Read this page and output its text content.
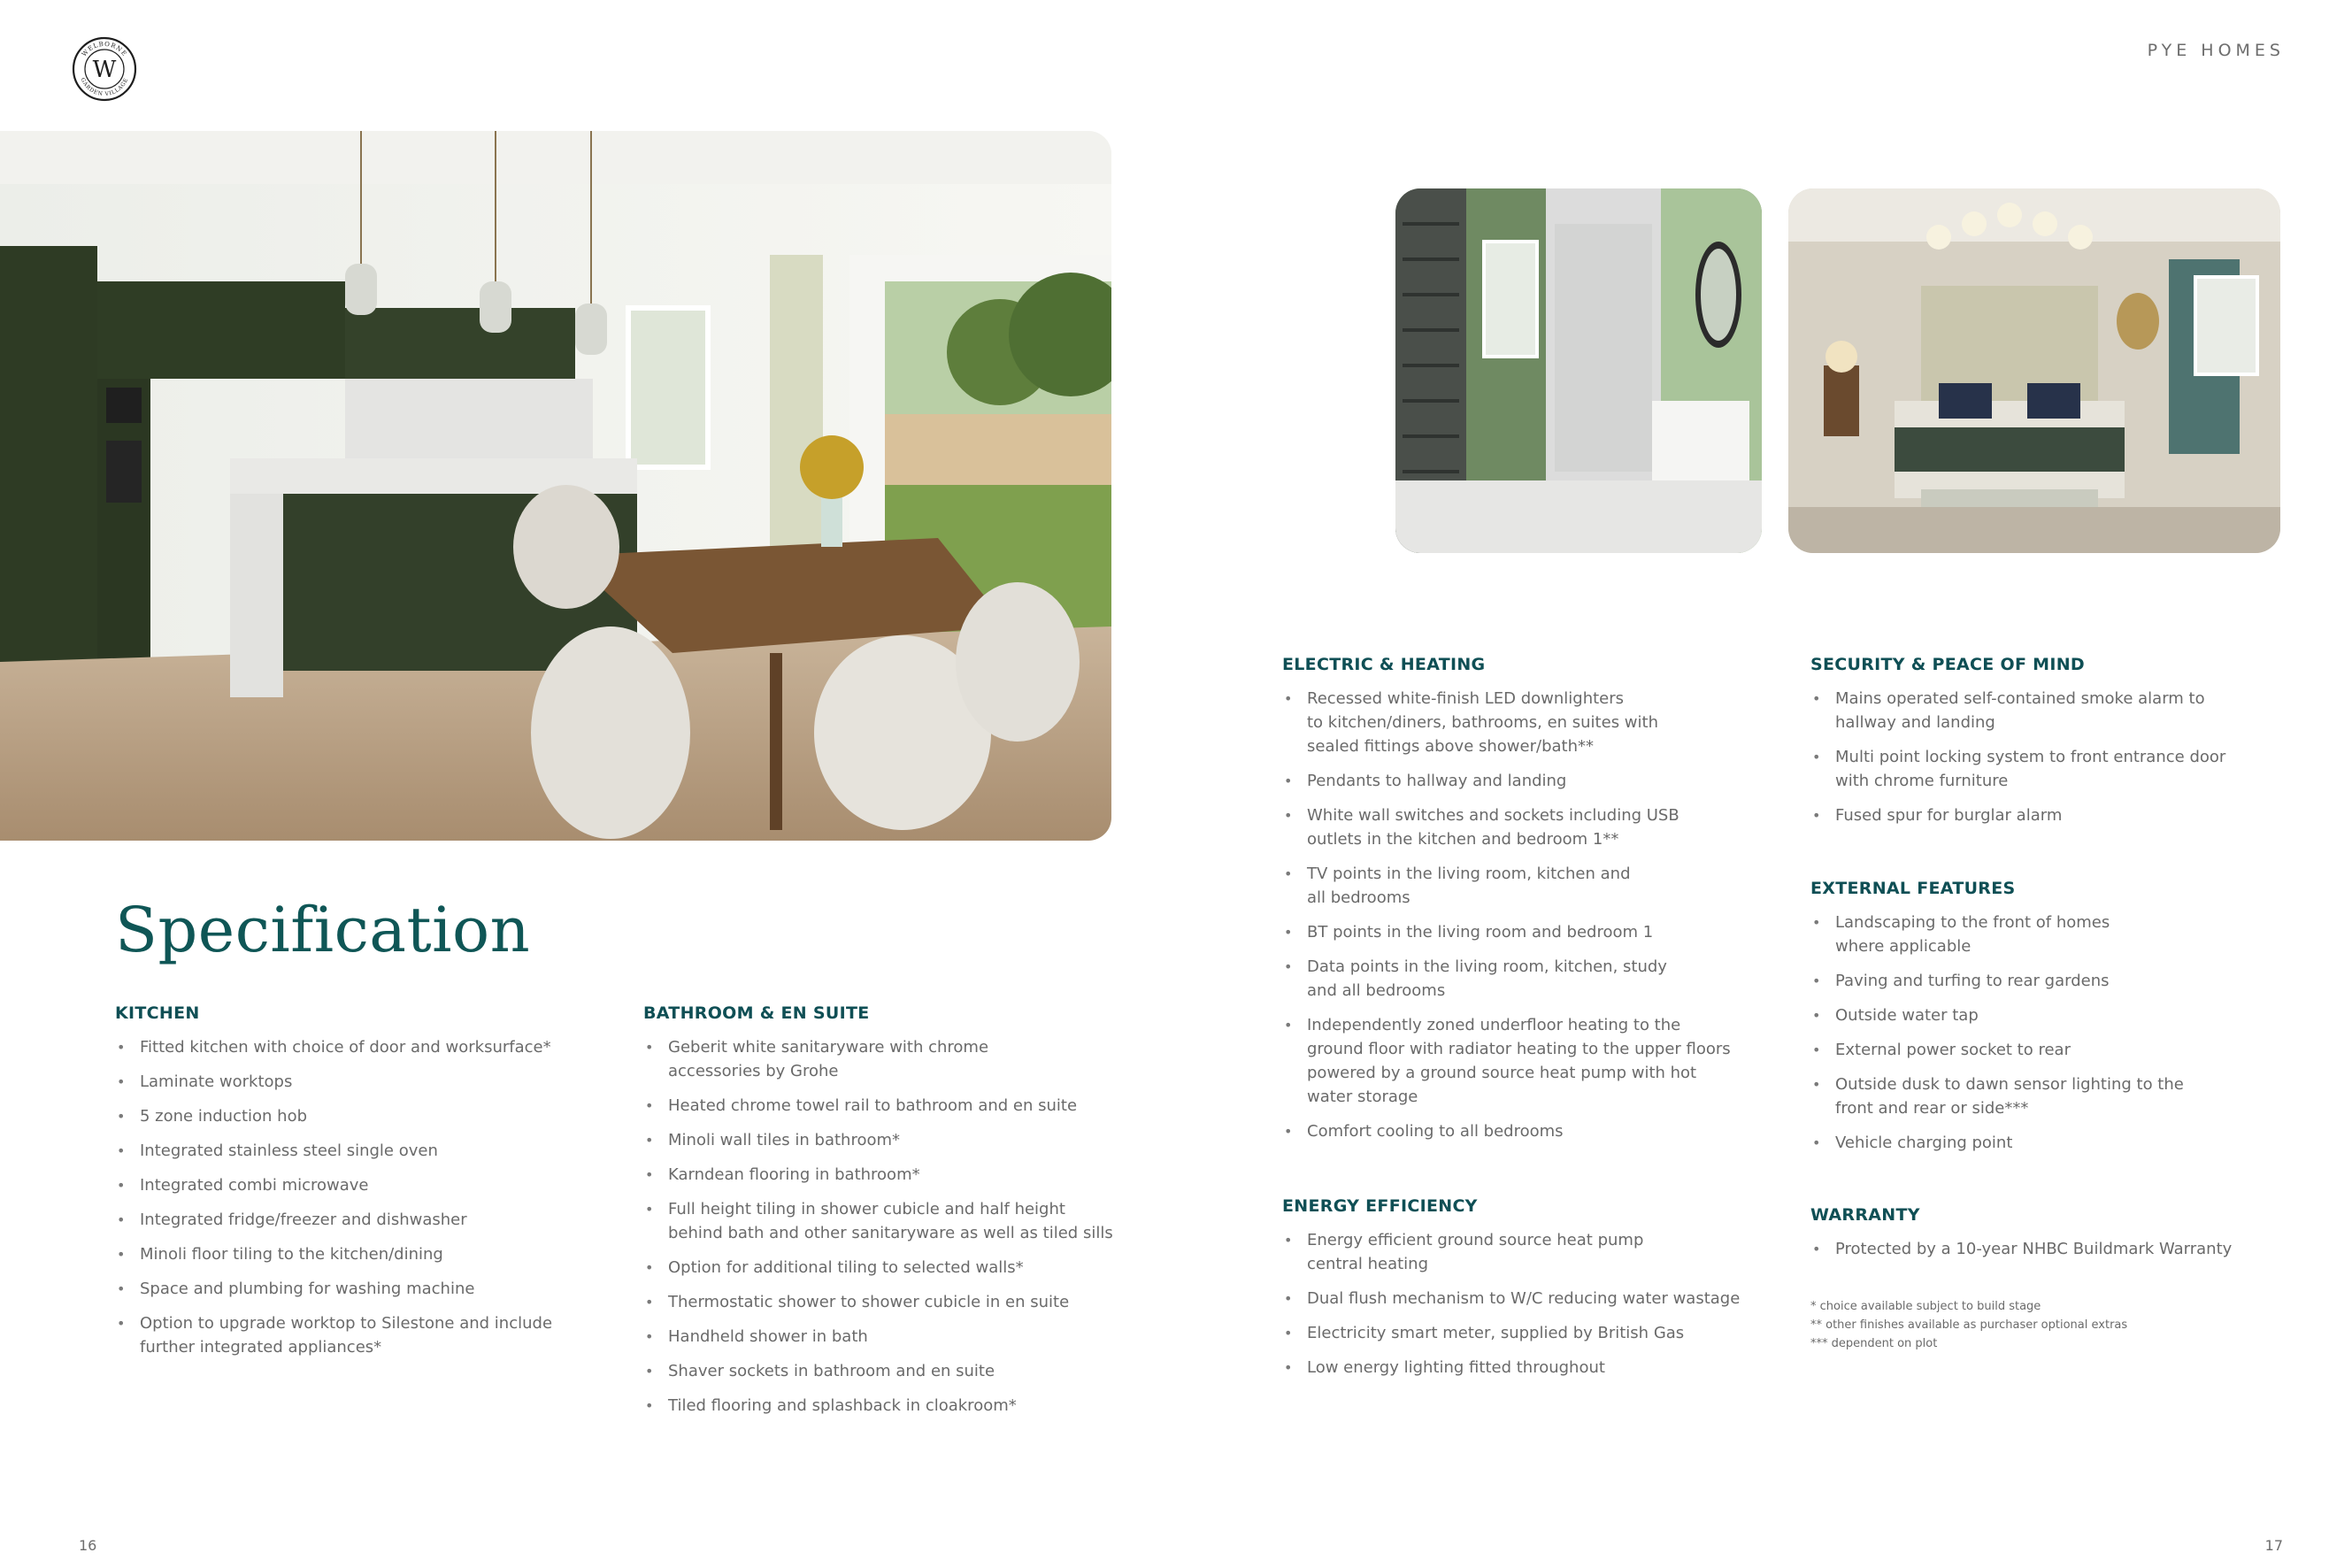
W
WELBORNE
GARDEN VILLAGE
PYE HOMES
Specification
KITCHEN
• Fitted kitchen with choice of door and worksurface*
• Laminate worktops
• 5 zone induction hob
• Integrated stainless steel single oven
• Integrated combi microwave
• Integrated fridge/freezer and dishwasher
• Minoli floor tiling to the kitchen/dining
• Space and plumbing for washing machine
• Option to upgrade worktop to Silestone and include
further integrated appliances*
BATHROOM & EN SUITE
• Geberit white sanitaryware with chrome
accessories by Grohe
• Heated chrome towel rail to bathroom and en suite
• Minoli wall tiles in bathroom*
• Karndean flooring in bathroom*
• Full height tiling in shower cubicle and half height
behind bath and other sanitaryware as well as tiled sills
• Option for additional tiling to selected walls*
• Thermostatic shower to shower cubicle in en suite
• Handheld shower in bath
• Shaver sockets in bathroom and en suite
• Tiled flooring and splashback in cloakroom*
ELECTRIC & HEATING
• Recessed white-finish LED downlighters
to kitchen/diners, bathrooms, en suites with
sealed fittings above shower/bath**
• Pendants to hallway and landing
• White wall switches and sockets including USB
outlets in the kitchen and bedroom 1**
• TV points in the living room, kitchen and
all bedrooms
• BT points in the living room and bedroom 1
• Data points in the living room, kitchen, study
and all bedrooms
• Independently zoned underfloor heating to the
ground floor with radiator heating to the upper floors
powered by a ground source heat pump with hot
water storage
• Comfort cooling to all bedrooms
ENERGY EFFICIENCY
• Energy efficient ground source heat pump
central heating
• Dual flush mechanism to W/C reducing water wastage
• Electricity smart meter, supplied by British Gas
• Low energy lighting fitted throughout
SECURITY & PEACE OF MIND
• Mains operated self-contained smoke alarm to
hallway and landing
• Multi point locking system to front entrance door
with chrome furniture
• Fused spur for burglar alarm
EXTERNAL FEATURES
• Landscaping to the front of homes
where applicable
• Paving and turfing to rear gardens
• Outside water tap
• External power socket to rear
• Outside dusk to dawn sensor lighting to the
front and rear or side***
• Vehicle charging point
WARRANTY
• Protected by a 10-year NHBC Buildmark Warranty
* choice available subject to build stage
** other finishes available as purchaser optional extras
*** dependent on plot
16	17
